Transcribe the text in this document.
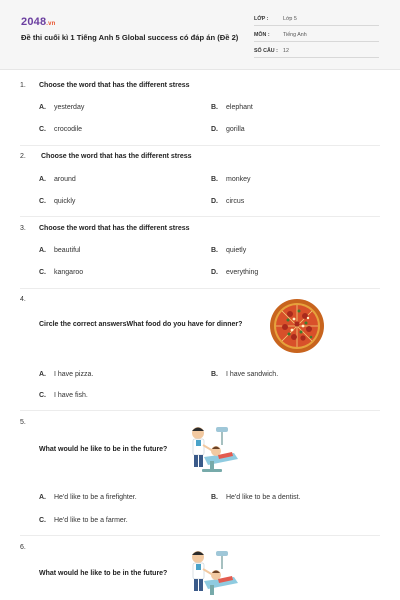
2048.vn
Đề thi cuối kì 1 Tiếng Anh 5 Global success có đáp án (Đề 2)
LỚP :	Lớp 5
MÔN :	Tiếng Anh
SỐ CÂU : 12
1. Choose the word that has the different stress
A. yesterday	B. elephant
C. crocodile	D. gorilla
2. Choose the word that has the different stress
A. around	B. monkey
C. quickly	D. circus
3. Choose the word that has the different stress
A. beautiful	B. quietly
C. kangaroo	D. everything
4.
Circle the correct answersWhat food do you have for dinner?
A. I have pizza.	B. I have sandwich.
C. I have fish.
5.
What would he like to be in the future?
A. He'd like to be a firefighter.	B. He'd like to be a dentist.
C. He'd like to be a farmer.
6.
What would he like to be in the future?
